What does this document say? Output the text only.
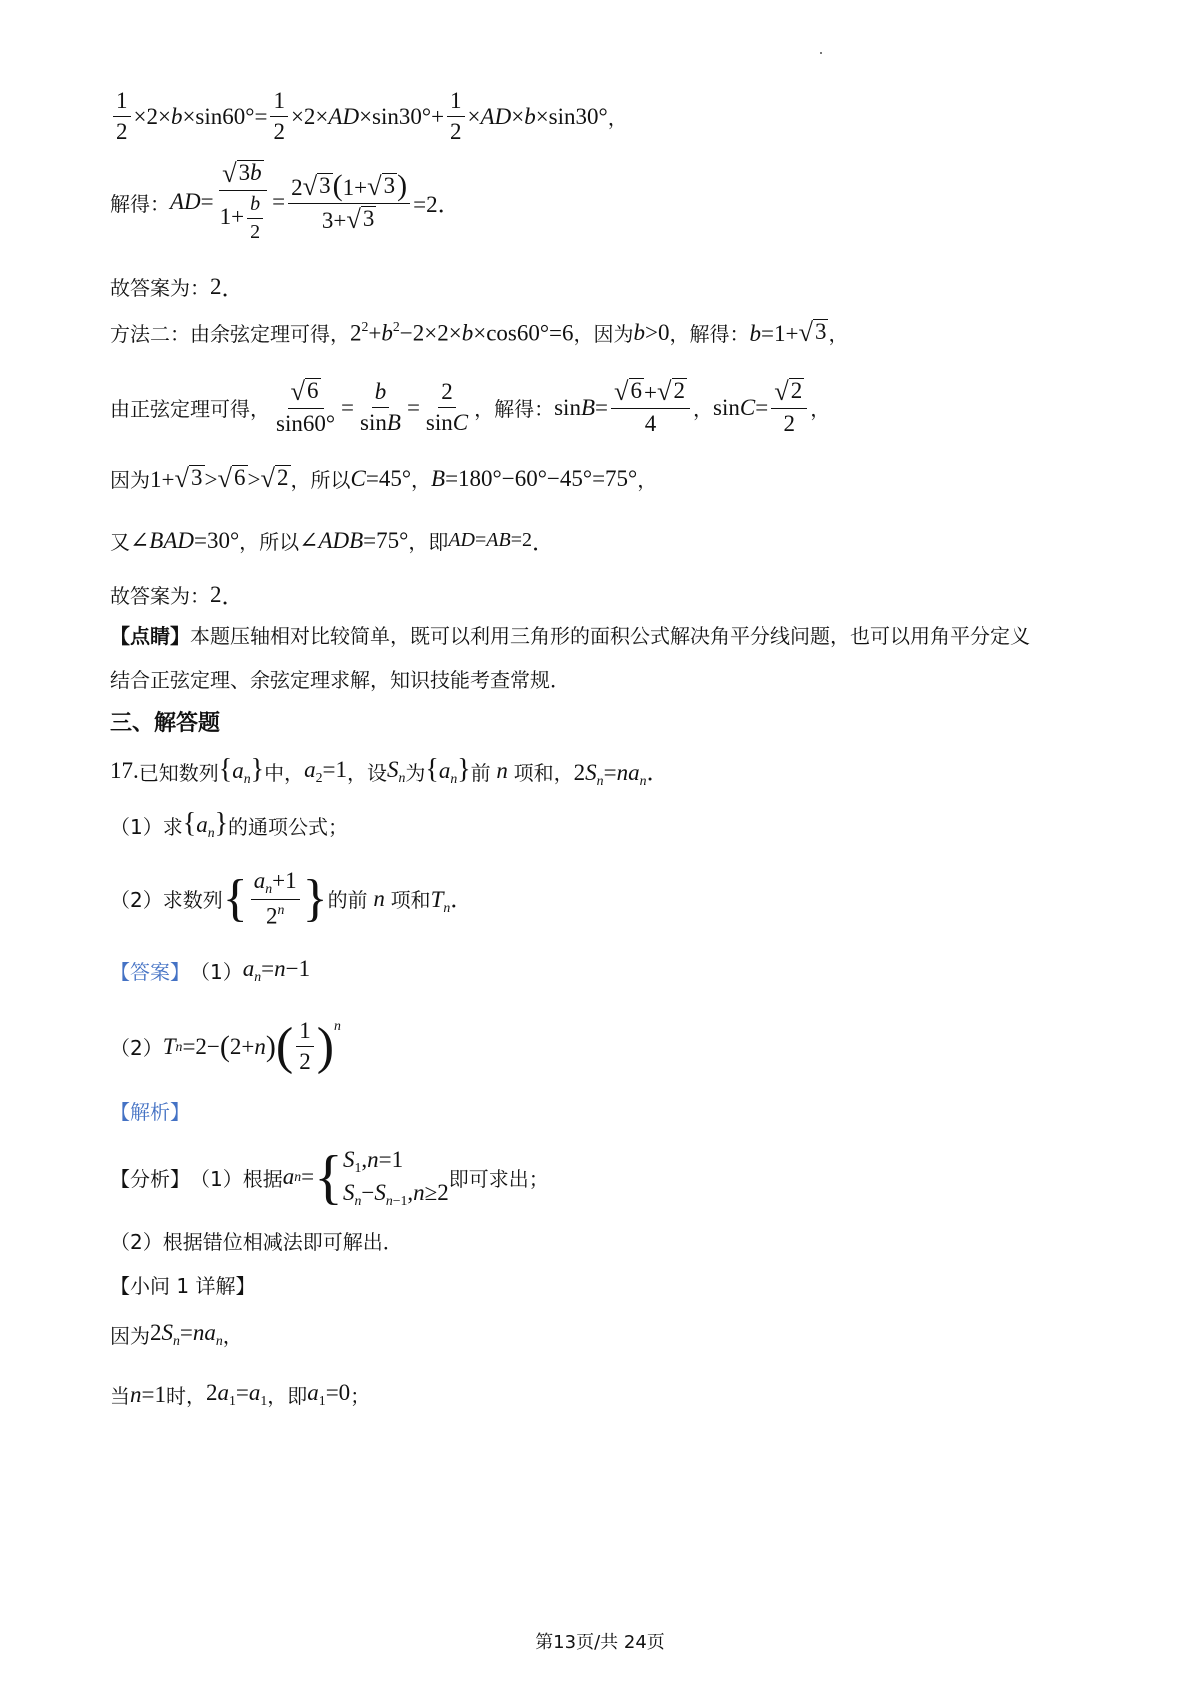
$\frac{1}{2} \times 2\times b\times\sin 60^\circ= \frac{1}{2} \times 2\times AD\times\sin 30^\circ+ \frac{1}{2} \times AD\times b\times\sin 30^\circ$ ，
解得： AD = $\frac{√ 3b}{1+ \frac{b}{2}} = \frac{2 √ 3 (1+ √ 3 )}{3+ √ 3} =2$．
故答案为： 2 ．
方法二：由余弦定理可得， $2^2+b^2-2\times 2\times b\times\cos 60^\circ=6$ ， 因为 b>0 ，解得： b=1+ √ 3 ，
由正弦定理可得， $\frac{√ 6}{\sin 60^\circ} = \frac{b}{\sin B} = \frac{2}{\sin C}$ ，解得： $\sin B = \frac{√ 6 + √ 2}{4}$ ， $\sin C = \frac{√ 2}{2}$ ，
因为 1+ √ 3 > √ 6 > √ 2 ，所以 C=45° ， B=180°−60°−45°=75° ，
又 ∠BAD=30° ，所以 ∠ADB=75° ，即 AD=AB=2 ．
故答案为： 2 ．
【点睛】 本题压轴相对比较简单，既可以利用三角形的面积公式解决角平分线问题，也可以用角平分定义
结合正弦定理、余弦定理求解，知识技能考查常规．
三、解答题
17. 已知数列 $\{a_n\}$ 中， $a_2=1$ ，设 $S_n$ 为 $\{a_n\}$ 前 n 项和， $2S_n=na_n$．
（1）求 $\{a_n\}$ 的通项公式；
（2）求数列 { $\frac{a_n+1}{2^n}$ } 的前 n 项和 $T_n$．
【答案】 （1） $a_n=n-1$
（2） T n =2− ( 2+ n ) ( $\frac{1}{2} )^n$
【解析】
【分析】 （1）根据 a n = { $S_1,n=1$
$S_n-S_{n-1},n\ge 2$
即可求出；
（2）根据错位相减法即可解出．
【小问 1 详解】
因为 $2S_n=na_n$ ，
当 n=1 时， $2a_1=a_1$ ，即 $a_1=0$ ；
第13页/共 24页
